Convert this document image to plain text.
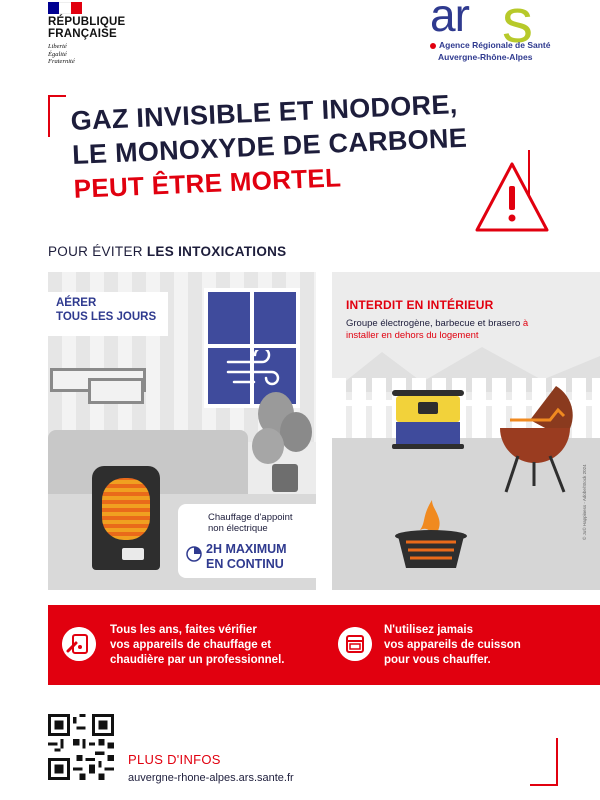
RÉPUBLIQUE
FRANÇAISE
Liberté
Égalité
Fraternité
ar s
Agence Régionale de Santé
Auvergne-Rhône-Alpes
GAZ INVISIBLE ET INODORE,
LE MONOXYDE DE CARBONE
PEUT ÊTRE MORTEL
POUR ÉVITER LES INTOXICATIONS
AÉRER
TOUS LES JOURS
Chauffage d'appoint
non électrique
2H MAXIMUM
EN CONTINU
INTERDIT EN INTÉRIEUR
Groupe électrogène, barbecue et brasero à installer en dehors du logement
© Ju© Happiness - Adobe/Stock 2024
Tous les ans, faites vérifier
vos appareils de chauffage et
chaudière par un professionnel.
N'utilisez jamais
vos appareils de cuisson
pour vous chauffer.
PLUS D'INFOS
auvergne-rhone-alpes.ars.sante.fr
